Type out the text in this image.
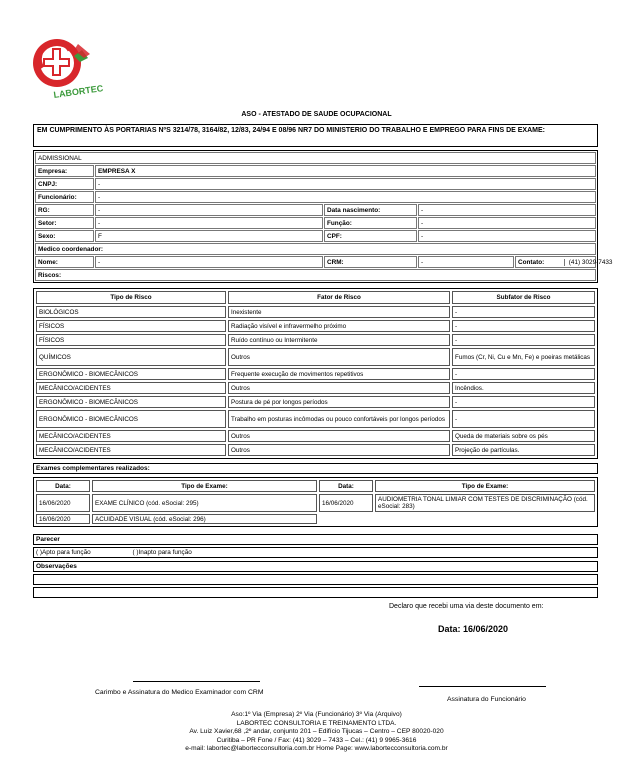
LABORTEC
ASO - ATESTADO DE SAUDE OCUPACIONAL
EM CUMPRIMENTO ÀS PORTARIAS NºS 3214/78, 3164/82, 12/83, 24/94 E 08/96 NR7 DO MINISTERIO DO TRABALHO E EMPREGO PARA FINS DE EXAME:
ADMISSIONAL				
Empresa:	EMPRESA X			
CNPJ:	-			
Funcionário:	-			
RG:	-	Data nascimento:	-	
Setor:	-	Função:	-	
Sexo:	F	CPF:	-	
Medico coordenador:				
Nome:	-	CRM:	-	Contato: (41) 3029-7433
Riscos:				
Tipo de Risco	Fator de Risco	Subfator de Risco
BIOLÓGICOS	Inexistente	-
FÍSICOS	Radiação visível e infravermelho próximo	-
FÍSICOS	Ruído contínuo ou Intermitente	-
QUÍMICOS	Outros	Fumos (Cr, Ni, Cu e Mn, Fe) e poeiras metálicas
ERGONÔMICO - BIOMECÂNICOS	Frequente execução de movimentos repetitivos	-
MECÂNICO/ACIDENTES	Outros	Incêndios.
ERGONÔMICO - BIOMECÂNICOS	Postura de pé por longos períodos	-
ERGONÔMICO - BIOMECÂNICOS	Trabalho em posturas incômodas ou pouco confortáveis por longos períodos	-
MECÂNICO/ACIDENTES	Outros	Queda de materiais sobre os pés
MECÂNICO/ACIDENTES	Outros	Projeção de partículas.
Exames complementares realizados:
Data:	Tipo de Exame:	Data:	Tipo de Exame:
16/06/2020	EXAME CLÍNICO (cód. eSocial: 295)	16/06/2020	AUDIOMETRIA TONAL LIMIAR COM TESTES DE DISCRIMINAÇÃO (cód. eSocial: 283)
16/06/2020	ACUIDADE VISUAL (cód. eSocial: 296)		
Parecer
( )Apto para função	( )Inapto para função
Observações
Declaro que recebi uma via deste documento em:
Data: 16/06/2020
Carimbo e Assinatura do Medico Examinador com CRM
Assinatura do Funcionário
Aso:1º Via (Empresa) 2º Via (Funcionário) 3º Via (Arquivo)
LABORTEC CONSULTORIA E TREINAMENTO LTDA.
Av. Luiz Xavier,68 ,2º andar, conjunto 201 – Edifício Tijucas – Centro – CEP 80020-020
Curitiba – PR Fone / Fax: (41) 3029 – 7433 – Cel.: (41) 9 9965-3616
e-mail: labortec@labortecconsultoria.com.br Home Page: www.labortecconsultoria.com.br
